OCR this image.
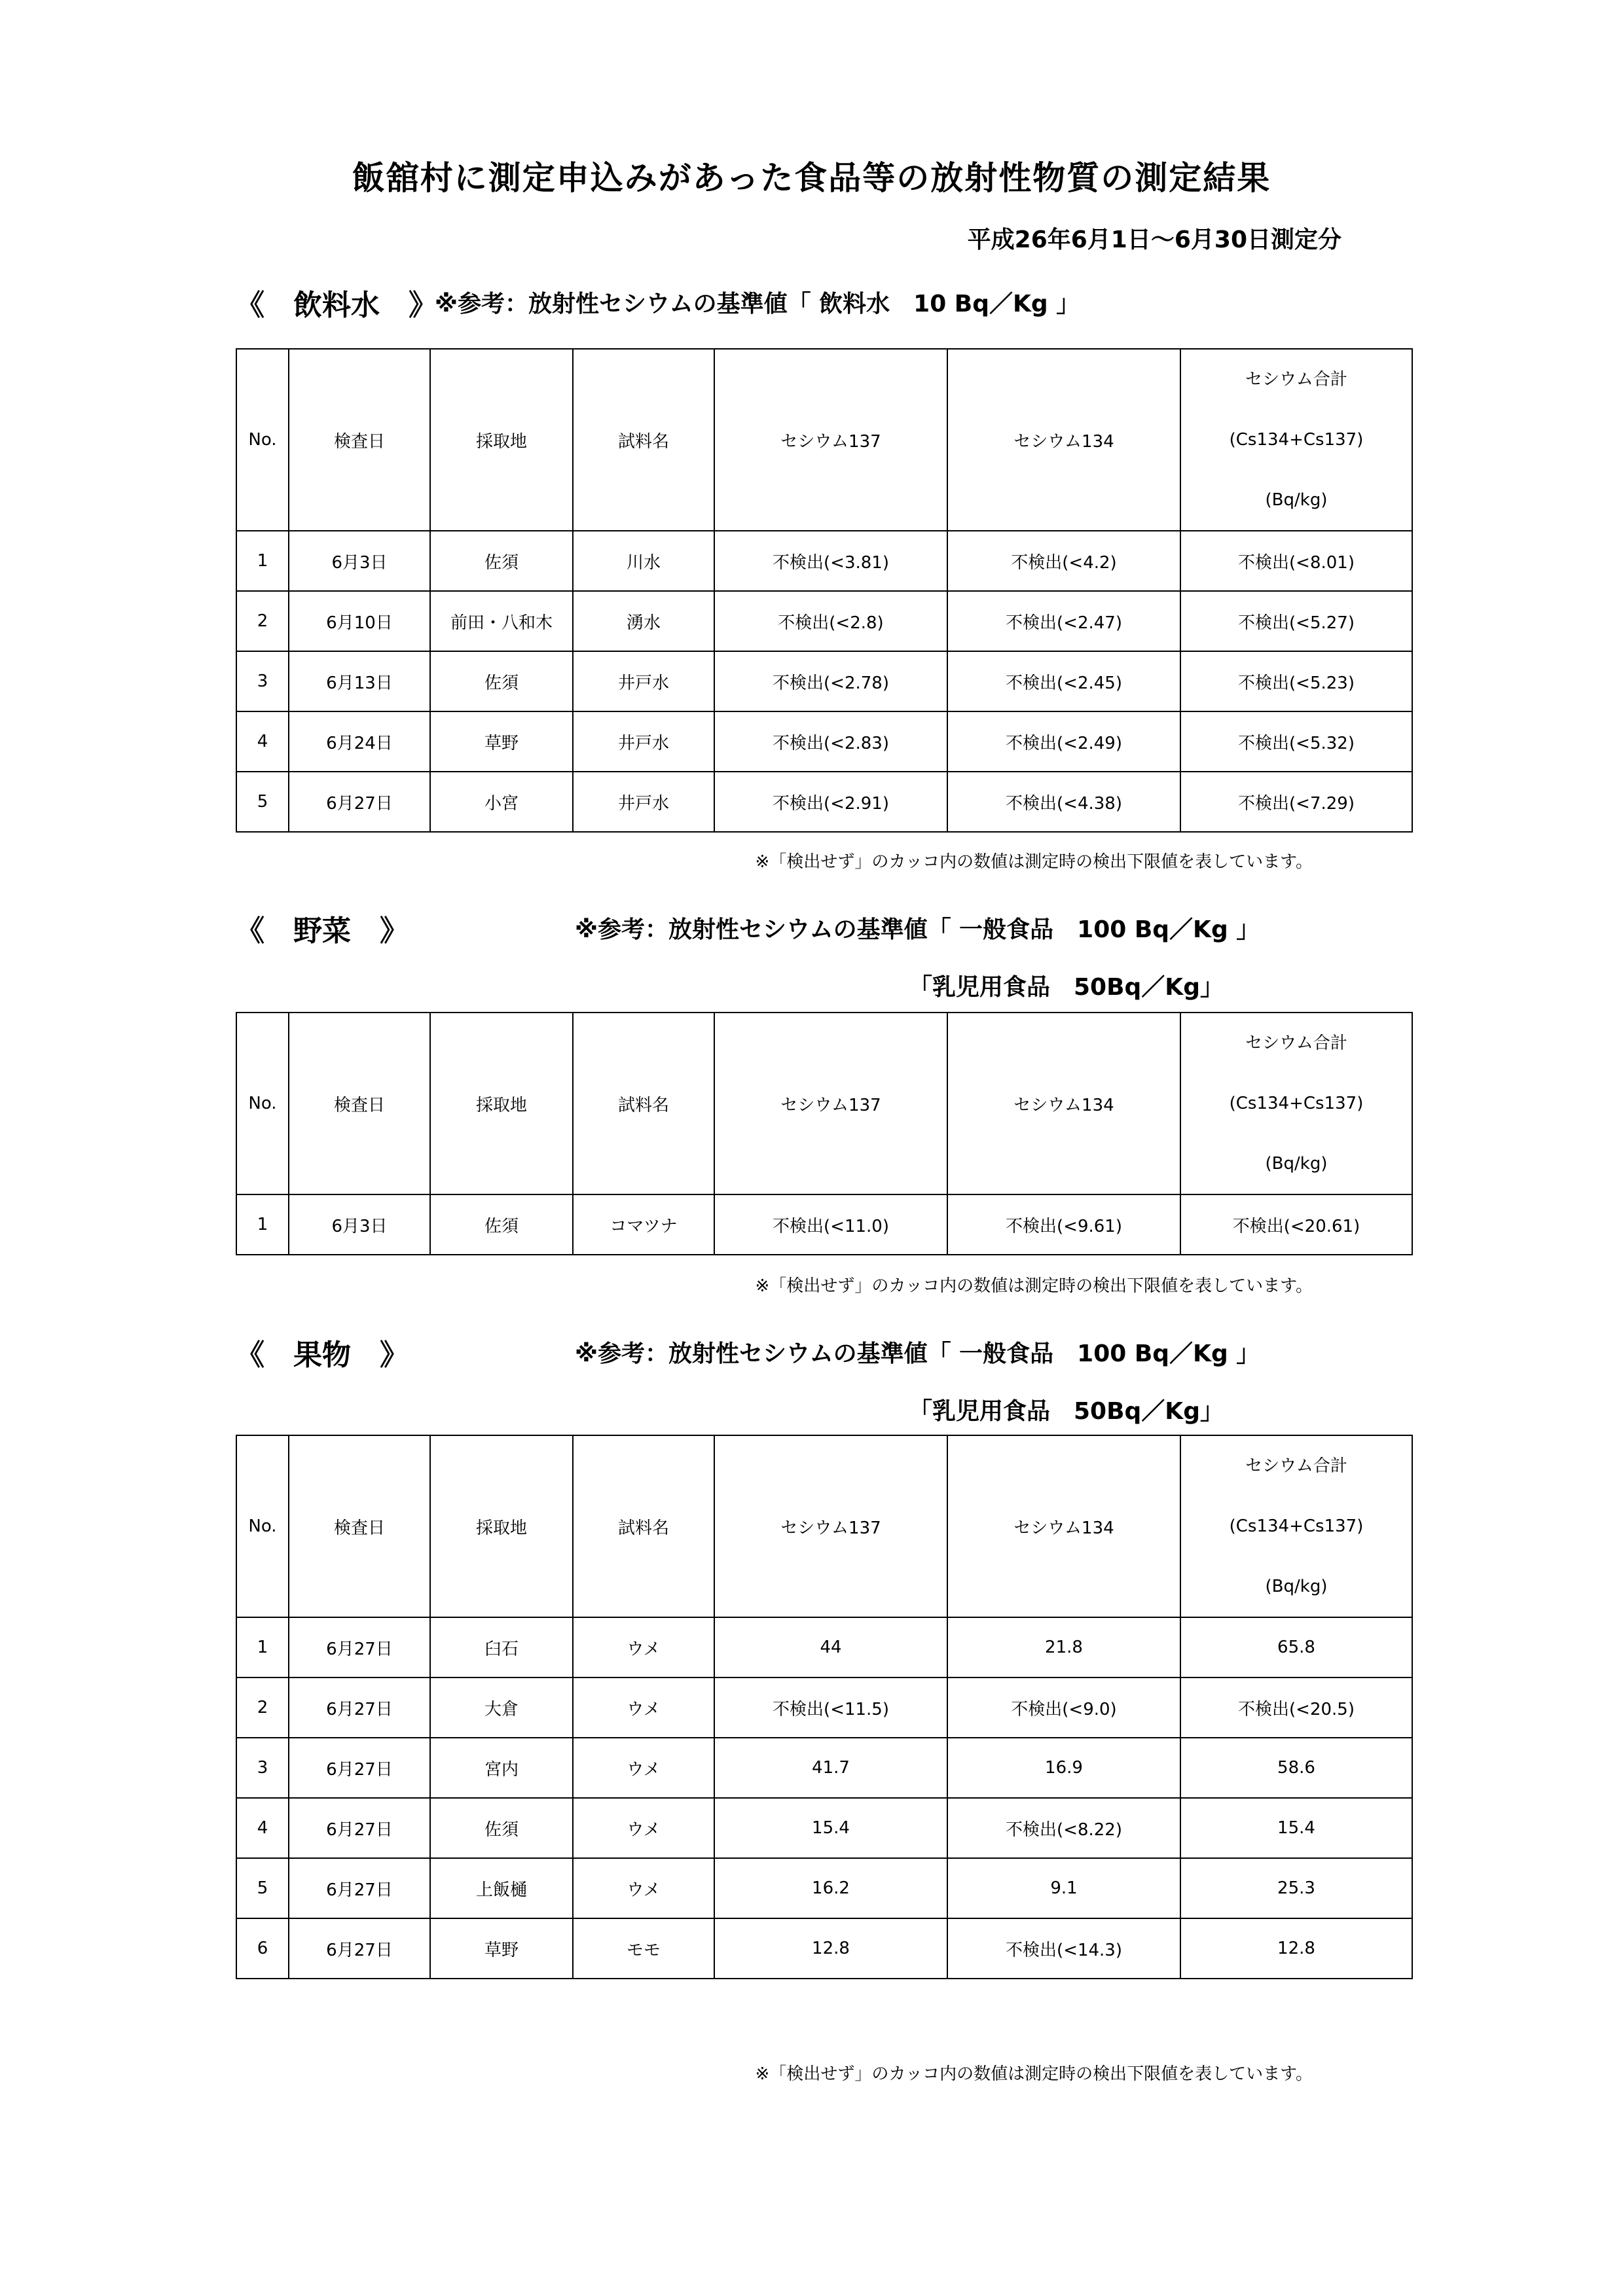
飯舘村に測定申込みがあった食品等の放射性物質の測定結果
平成26年6月1日～6月30日測定分
《　飲料水　》
※参考：放射性セシウムの基準値「 飲料水　10 Bq／Kg 」
No.	検査日	採取地	試料名	セシウム137	セシウム134	セシウム合計
(Cs134+Cs137)
(Bq/kg)

1	6月3日	佐須	川水	不検出(<3.81)	不検出(<4.2)	不検出(<8.01)
2	6月10日	前田・八和木	湧水	不検出(<2.8)	不検出(<2.47)	不検出(<5.27)
3	6月13日	佐須	井戸水	不検出(<2.78)	不検出(<2.45)	不検出(<5.23)
4	6月24日	草野	井戸水	不検出(<2.83)	不検出(<2.49)	不検出(<5.32)
5	6月27日	小宮	井戸水	不検出(<2.91)	不検出(<4.38)	不検出(<7.29)
※「検出せず」のカッコ内の数値は測定時の検出下限値を表しています。
《　野菜　》	※参考：放射性セシウムの基準値「 一般食品　100 Bq／Kg 」
「乳児用食品　50Bq／Kg」
No.	検査日	採取地	試料名	セシウム137	セシウム134	セシウム合計
(Cs134+Cs137)
(Bq/kg)

1	6月3日	佐須	コマツナ	不検出(<11.0)	不検出(<9.61)	不検出(<20.61)
※「検出せず」のカッコ内の数値は測定時の検出下限値を表しています。
《　果物　》	※参考：放射性セシウムの基準値「 一般食品　100 Bq／Kg 」
「乳児用食品　50Bq／Kg」
No.	検査日	採取地	試料名	セシウム137	セシウム134	セシウム合計
(Cs134+Cs137)
(Bq/kg)

1	6月27日	臼石	ウメ	44	21.8	65.8
2	6月27日	大倉	ウメ	不検出(<11.5)	不検出(<9.0)	不検出(<20.5)
3	6月27日	宮内	ウメ	41.7	16.9	58.6
4	6月27日	佐須	ウメ	15.4	不検出(<8.22)	15.4
5	6月27日	上飯樋	ウメ	16.2	9.1	25.3
6	6月27日	草野	モモ	12.8	不検出(<14.3)	12.8
※「検出せず」のカッコ内の数値は測定時の検出下限値を表しています。
